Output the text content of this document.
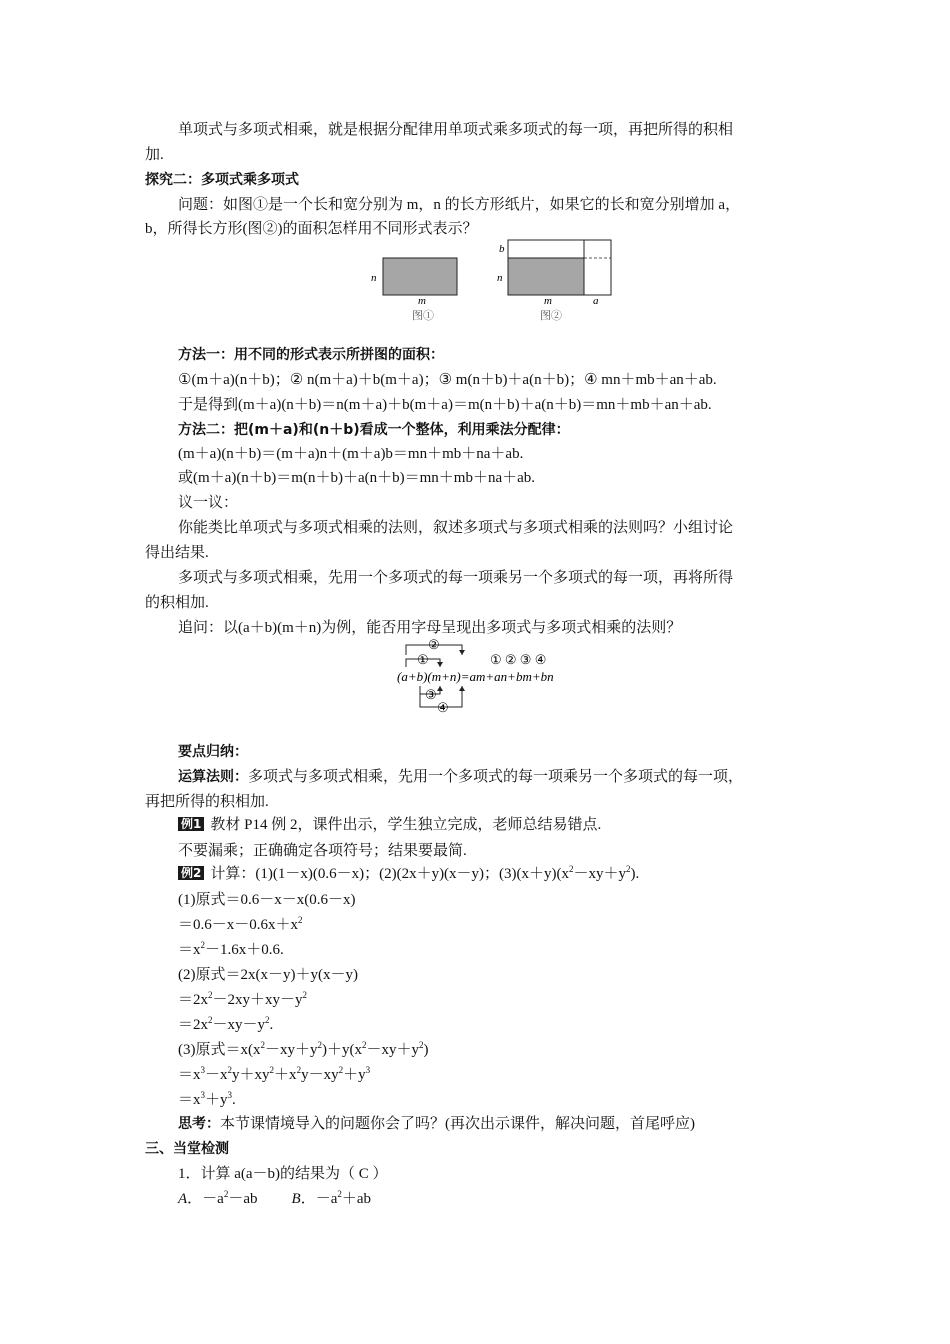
单项式与多项式相乘，就是根据分配律用单项式乘多项式的每一项，再把所得的积相
加.
探究二：多项式乘多项式
问题：如图①是一个长和宽分别为 m，n 的长方形纸片，如果它的长和宽分别增加 a，
b，所得长方形(图②)的面积怎样用不同形式表示？
n
m
图①
b
n
m	a
图②
方法一：用不同的形式表示所拼图的面积：
①(m＋a)(n＋b)；② n(m＋a)＋b(m＋a)；③ m(n＋b)＋a(n＋b)；④ mn＋mb＋an＋ab.
于是得到(m＋a)(n＋b)＝n(m＋a)＋b(m＋a)＝m(n＋b)＋a(n＋b)＝mn＋mb＋an＋ab.
方法二：把(m＋a)和(n＋b)看成一个整体，利用乘法分配律：
(m＋a)(n＋b)＝(m＋a)n＋(m＋a)b＝mn＋mb＋na＋ab.
或(m＋a)(n＋b)＝m(n＋b)＋a(n＋b)＝mn＋mb＋na＋ab.
议一议：
你能类比单项式与多项式相乘的法则，叙述多项式与多项式相乘的法则吗？小组讨论
得出结果.
多项式与多项式相乘，先用一个多项式的每一项乘另一个多项式的每一项，再将所得
的积相加.
追问：以(a＋b)(m＋n)为例，能否用字母呈现出多项式与多项式相乘的法则？
②
①
③
④
① ② ③ ④
(a+b)(m+n)=am+an+bm+bn
要点归纳：
运算法则：多项式与多项式相乘，先用一个多项式的每一项乘另一个多项式的每一项，
再把所得的积相加.
例1 教材 P14 例 2，课件出示，学生独立完成，老师总结易错点.
不要漏乘；正确确定各项符号；结果要最简.
例2 计算：(1)(1－x)(0.6－x)；(2)(2x＋y)(x－y)；$(3)(x+y)(x^2-xy+y^2)$.
(1)原式＝0.6－x－x(0.6－x)
$=0.6-x-0.6x+x^2$
$=x^2-1.6x+0.6$.
(2)原式＝2x(x－y)＋y(x－y)
$=2x^2-2xy+xy-y^2$
$=2x^2-xy-y^2$.
(3)原式$=x(x^2-xy+y^2)+y(x^2-xy+y^2)$
$=x^3-x^2y+xy^2+x^2y-xy^2+y^3$
$=x^3+y^3$.
思考：本节课情境导入的问题你会了吗？(再次出示课件，解决问题，首尾呼应)
三、当堂检测
1．计算 a(a－b)的结果为（ C ）
A．$-a^2-ab$ B．$-a^2+ab$
